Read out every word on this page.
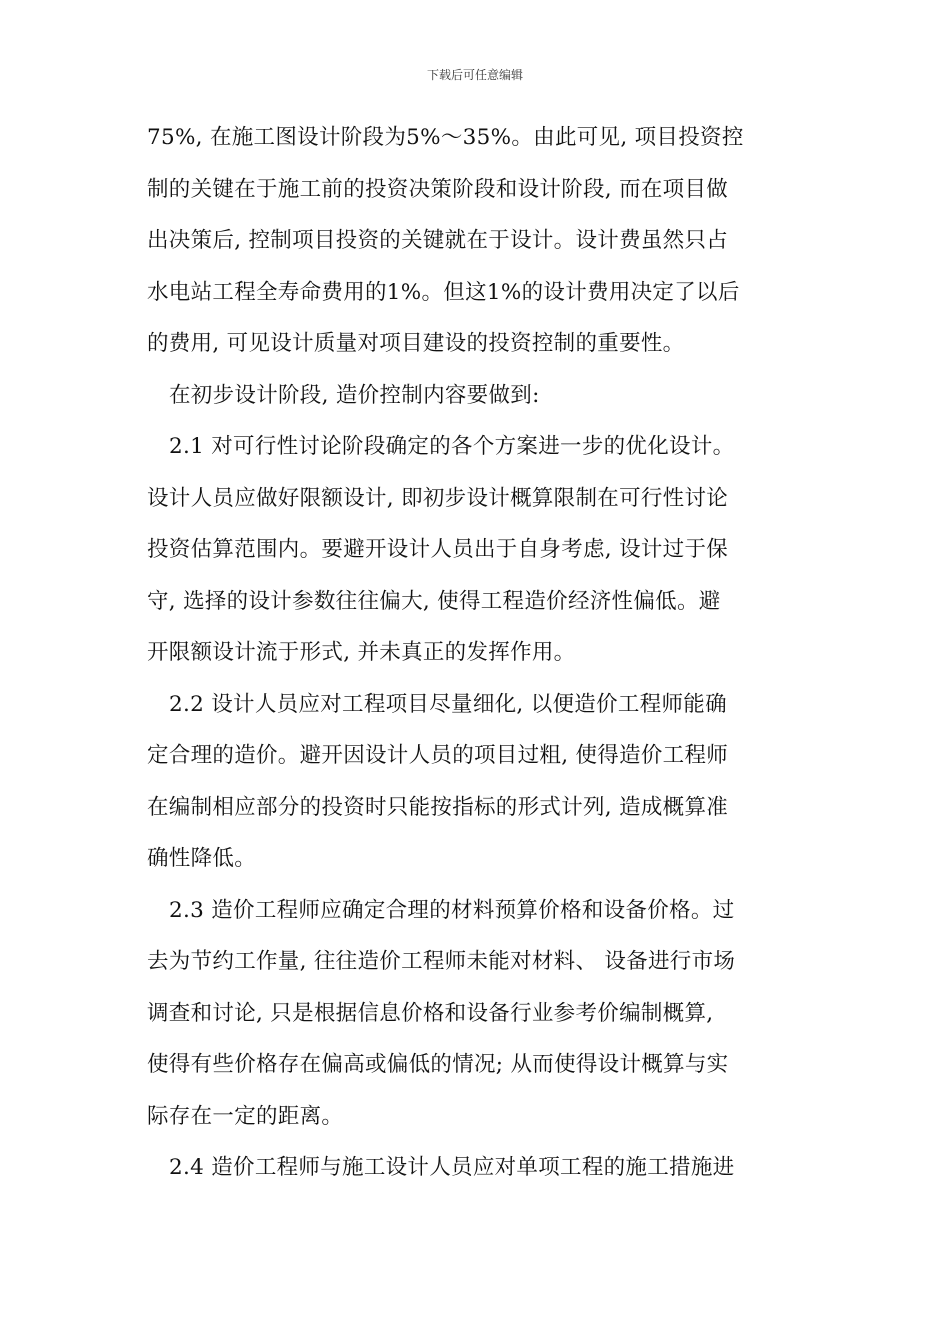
下载后可任意编辑
75%, 在施工图设计阶段为5%～35%。由此可见, 项目投资控
制的关键在于施工前的投资决策阶段和设计阶段, 而在项目做
出决策后, 控制项目投资的关键就在于设计。设计费虽然只占
水电站工程全寿命费用的1%。但这1%的设计费用决定了以后
的费用, 可见设计质量对项目建设的投资控制的重要性。
在初步设计阶段, 造价控制内容要做到:
2.1 对可行性讨论阶段确定的各个方案进一步的优化设计。
设计人员应做好限额设计, 即初步设计概算限制在可行性讨论
投资估算范围内。要避开设计人员出于自身考虑, 设计过于保
守, 选择的设计参数往往偏大, 使得工程造价经济性偏低。避
开限额设计流于形式, 并未真正的发挥作用。
2.2 设计人员应对工程项目尽量细化, 以便造价工程师能确
定合理的造价。避开因设计人员的项目过粗, 使得造价工程师
在编制相应部分的投资时只能按指标的形式计列, 造成概算准
确性降低。
2.3 造价工程师应确定合理的材料预算价格和设备价格。过
去为节约工作量, 往往造价工程师未能对材料、 设备进行市场
调查和讨论, 只是根据信息价格和设备行业参考价编制概算,
使得有些价格存在偏高或偏低的情况; 从而使得设计概算与实
际存在一定的距离。
2.4 造价工程师与施工设计人员应对单项工程的施工措施进
